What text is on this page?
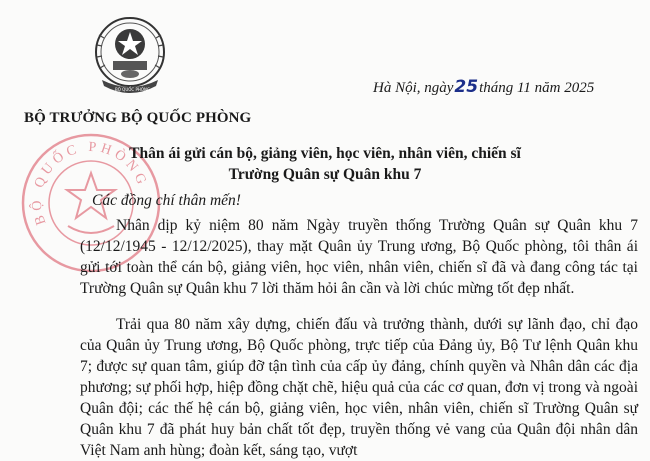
BỘ QUỐC PHÒNG
BỘ QUỐC PHÒNG
BỘ TRƯỞNG BỘ QUỐC PHÒNG
Hà Nội, ngày25tháng 11 năm 2025
Thân ái gửi cán bộ, giảng viên, học viên, nhân viên, chiến sĩ
Trường Quân sự Quân khu 7
Các đồng chí thân mến!

Nhân dịp kỷ niệm 80 năm Ngày truyền thống Trường Quân sự Quân khu 7 (12/12/1945 - 12/12/2025), thay mặt Quân ủy Trung ương, Bộ Quốc phòng, tôi thân ái gửi tới toàn thể cán bộ, giảng viên, học viên, nhân viên, chiến sĩ đã và đang công tác tại Trường Quân sự Quân khu 7 lời thăm hỏi ân cần và lời chúc mừng tốt đẹp nhất.

Trải qua 80 năm xây dựng, chiến đấu và trưởng thành, dưới sự lãnh đạo, chỉ đạo của Quân ủy Trung ương, Bộ Quốc phòng, trực tiếp của Đảng ủy, Bộ Tư lệnh Quân khu 7; được sự quan tâm, giúp đỡ tận tình của cấp ủy đảng, chính quyền và Nhân dân các địa phương; sự phối hợp, hiệp đồng chặt chẽ, hiệu quả của các cơ quan, đơn vị trong và ngoài Quân đội; các thế hệ cán bộ, giảng viên, học viên, nhân viên, chiến sĩ Trường Quân sự Quân khu 7 đã phát huy bản chất tốt đẹp, truyền thống vẻ vang của Quân đội nhân dân Việt Nam anh hùng; đoàn kết, sáng tạo, vượt
